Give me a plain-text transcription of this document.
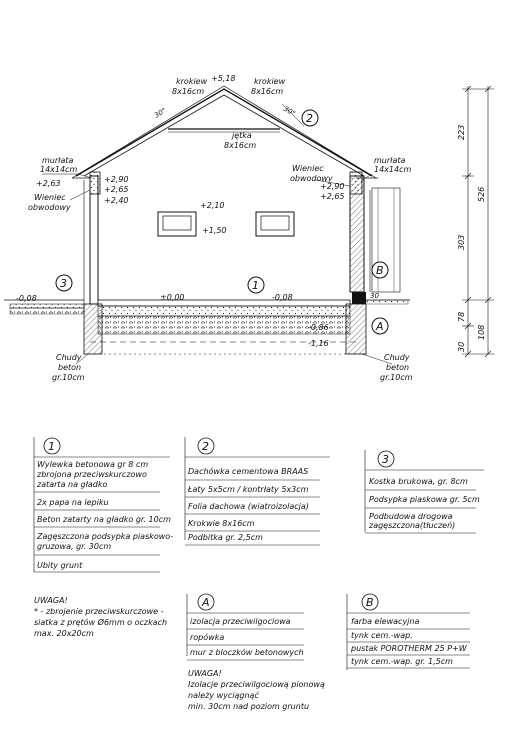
krokiew
8x16cm
+5,18 krokiew
8x16cm
30°	30°
jętka
8x16cm
murłata
14x14cm
+2,63	+2,90
+2,65
+2,40
Wieniec
obwodowy
murłata
14x14cm
Wieniec
obwodowy
+2,90
+2,65
+2,10
+1,50
±0,00	-0,08
-0,08
-0,86
-1,16
Chudy
beton
gr.10cm
Chudy
beton
gr.10cm
30
1
2
3
A
B
223
303
78
30
526
108
1
Wylewka betonowa gr 8 cm
zbrojona przeciwskurczowo
zatarta na gładko
2x papa na lepiku
Beton zatarty na gładko gr. 10cm
Zagęszczona podsypka piaskowo-
gruzowa, gr. 30cm
Ubity grunt
2
Dachówka cementowa BRAAS
Łaty 5x5cm / kontrłaty 5x3cm
Folia dachowa (wiatroizolacja)
Krokwie 8x16cm
Podbitka gr. 2,5cm
3
Kostka brukowa, gr. 8cm
Podsypka piaskowa gr. 5cm
Podbudowa drogowa
zagęszczona(tłuczeń)
UWAGA!
* - zbrojenie przeciwskurczowe -
siatka z prętów Ø6mm o oczkach
max. 20x20cm
A
izolacja przeciwilgociowa
ropówka
mur z bloczków betonowych
B
farba elewacyjna
tynk cem.-wap.
pustak POROTHERM 25 P+W
tynk cem.-wap. gr. 1,5cm
UWAGA!
Izolacje przeciwilgociową pionową
należy wyciągnąć
min. 30cm nad poziom gruntu
